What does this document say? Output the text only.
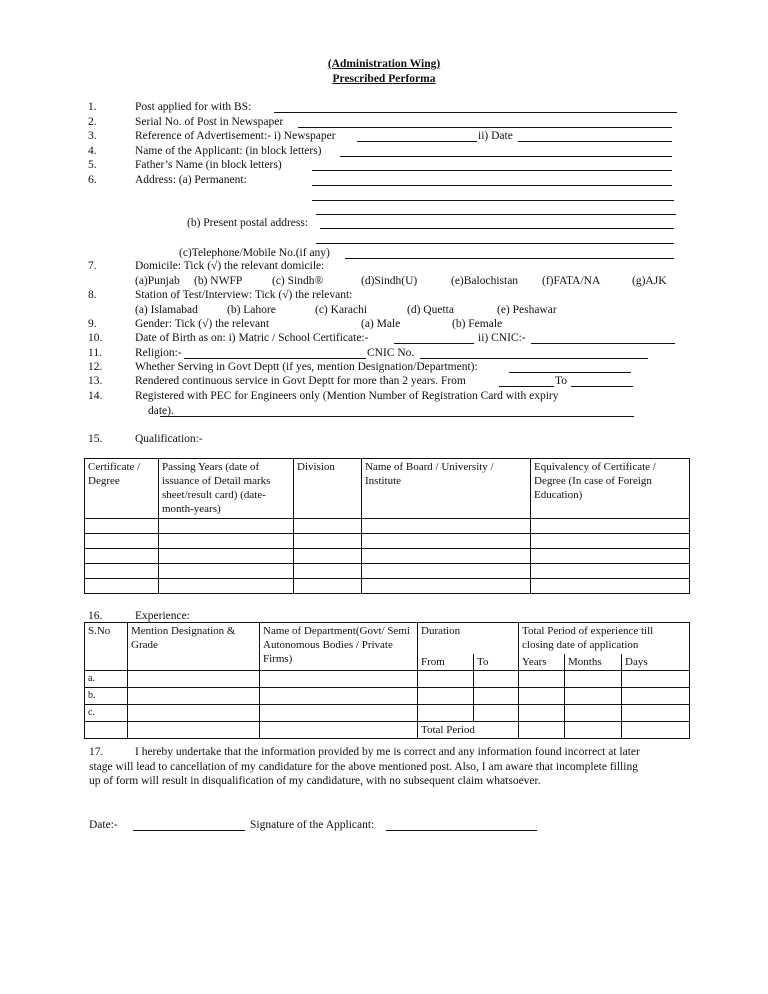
(Administration Wing)
Prescribed Performa
1.	Post applied for with BS:
2.	Serial No. of Post in Newspaper
3.	Reference of Advertisement:- i) Newspaper	ii) Date
4.	Name of the Applicant: (in block letters)
5.	Father’s Name (in block letters)
6.	Address: (a) Permanent:
(b) Present postal address:
(c)Telephone/Mobile No.(if any)
7.	Domicile: Tick (√) the relevant domicile:
(a)Punjab (b) NWFP	(c) Sindh®	(d)Sindh(U)	(e)Balochistan (f)FATA/NA	(g)AJK
8.	Station of Test/Interview: Tick (√) the relevant:
(a) Islamabad	(b) Lahore	(c) Karachi	(d) Quetta	(e) Peshawar
9.	Gender: Tick (√) the relevant	(a) Male	(b) Female
10.	Date of Birth as on: i) Matric / School Certificate:-	ii) CNIC:-
11.	Religion:-	CNIC No.
12.	Whether Serving in Govt Deptt (if yes, mention Designation/Department):
13.	Rendered continuous service in Govt Deptt for more than 2 years. From	To
14.	Registered with PEC for Engineers only (Mention Number of Registration Card with expiry
date).
15.	Qualification:-
Certificate / Degree	Passing Years (date of issuance of Detail marks sheet/result card) (date-month-years)	Division	Name of Board / University / Institute	Equivalency of Certificate / Degree (In case of Foreign Education)

16.	Experience:
S.No	Mention Designation & Grade	Name of Department(Govt/ Semi Autonomous Bodies / Private Firms)	Duration		Total Period of experience till closing date of application		
			From	To	Years	Months	Days
a.							
b.							
c.							
			Total Period				
17.	I hereby undertake that the information provided by me is correct and any information found incorrect at later
stage will lead to cancellation of my candidature for the above mentioned post. Also, I am aware that incomplete filling
up of form will result in disqualification of my candidature, with no subsequent claim whatsoever.
Date:-	Signature of the Applicant:
